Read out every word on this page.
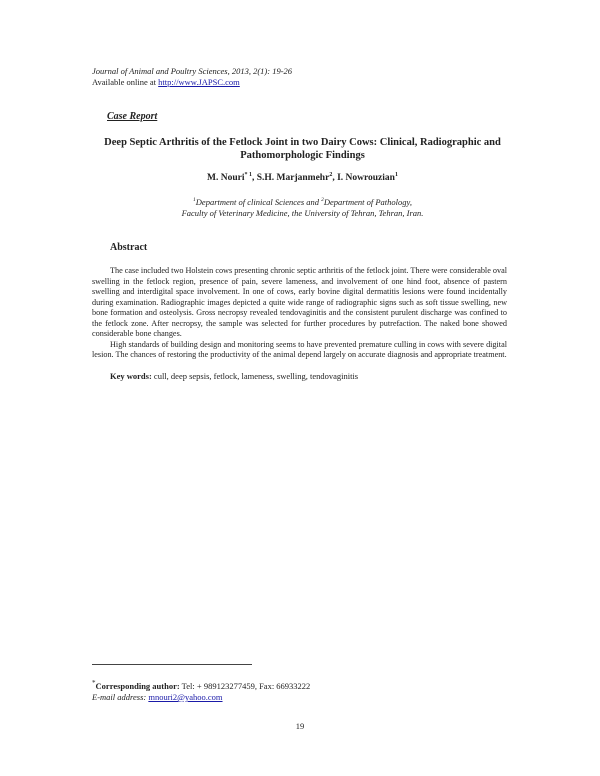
Journal of Animal and Poultry Sciences, 2013, 2(1): 19-26
Available online at http://www.JAPSC.com
Case Report
Deep Septic Arthritis of the Fetlock Joint in two Dairy Cows: Clinical, Radiographic and Pathomorphologic Findings
M. Nouri$^{* 1}$, S.H. Marjanmehr$^2$, I. Nowrouzian$^1$
$^1$Department of clinical Sciences and $^2$Department of Pathology,
Faculty of Veterinary Medicine, the University of Tehran, Tehran, Iran.
Abstract

The case included two Holstein cows presenting chronic septic arthritis of the fetlock joint. There were considerable oval swelling in the fetlock region, presence of pain, severe lameness, and involvement of one hind foot, absence of pastern swelling and interdigital space involvement. In one of cows, early bovine digital dermatitis lesions were found incidentally during examination. Radiographic images depicted a quite wide range of radiographic signs such as soft tissue swelling, new bone formation and osteolysis. Gross necropsy revealed tendovaginitis and the consistent purulent discharge was confined to the fetlock zone. After necropsy, the sample was selected for further procedures by putrefaction. The naked bone showed considerable bone changes.

High standards of building design and monitoring seems to have prevented premature culling in cows with severe digital lesion. The chances of restoring the productivity of the animal depend largely on accurate diagnosis and appropriate treatment.

Key words: cull, deep sepsis, fetlock, lameness, swelling, tendovaginitis
*Corresponding author: Tel: + 989123277459, Fax: 66933222
E-mail address: mnouri2@yahoo.com
19
